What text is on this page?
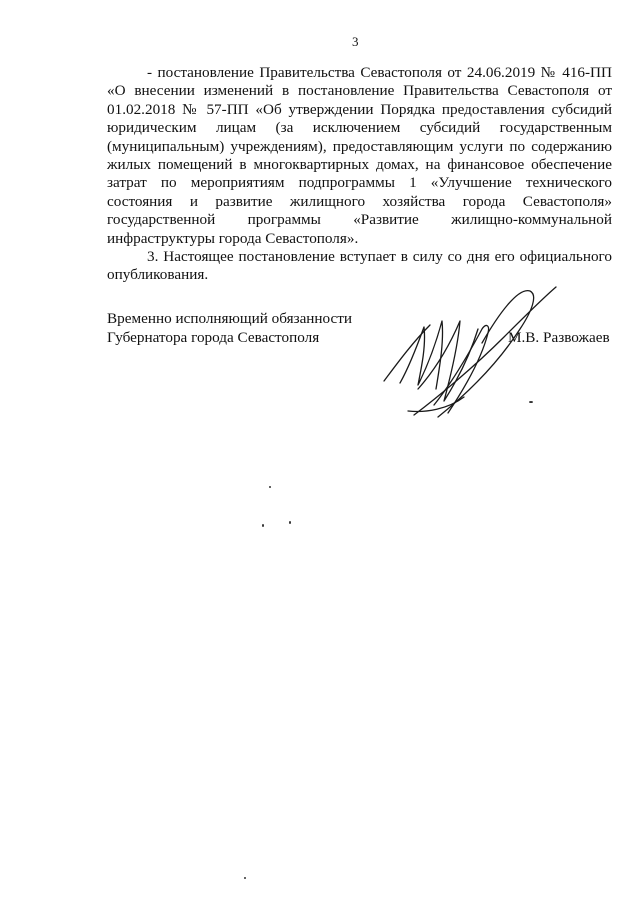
3

- постановление Правительства Севастополя от 24.06.2019 № 416-ПП «О внесении изменений в постановление Правительства Севастополя от 01.02.2018 № 57-ПП «Об утверждении Порядка предоставления субсидий юридическим лицам (за исключением субсидий государственным (муниципальным) учреждениям), предоставляющим услуги по содержанию жилых помещений в многоквартирных домах, на финансовое обеспечение затрат по мероприятиям подпрограммы 1 «Улучшение технического состояния и развитие жилищного хозяйства города Севастополя» государственной программы «Развитие жилищно-коммунальной инфраструктуры города Севастополя».

3. Настоящее постановление вступает в силу со дня его официального опубликования.

Временно исполняющий обязанности
Губернатора города Севастополя	М.В. Развожаев
